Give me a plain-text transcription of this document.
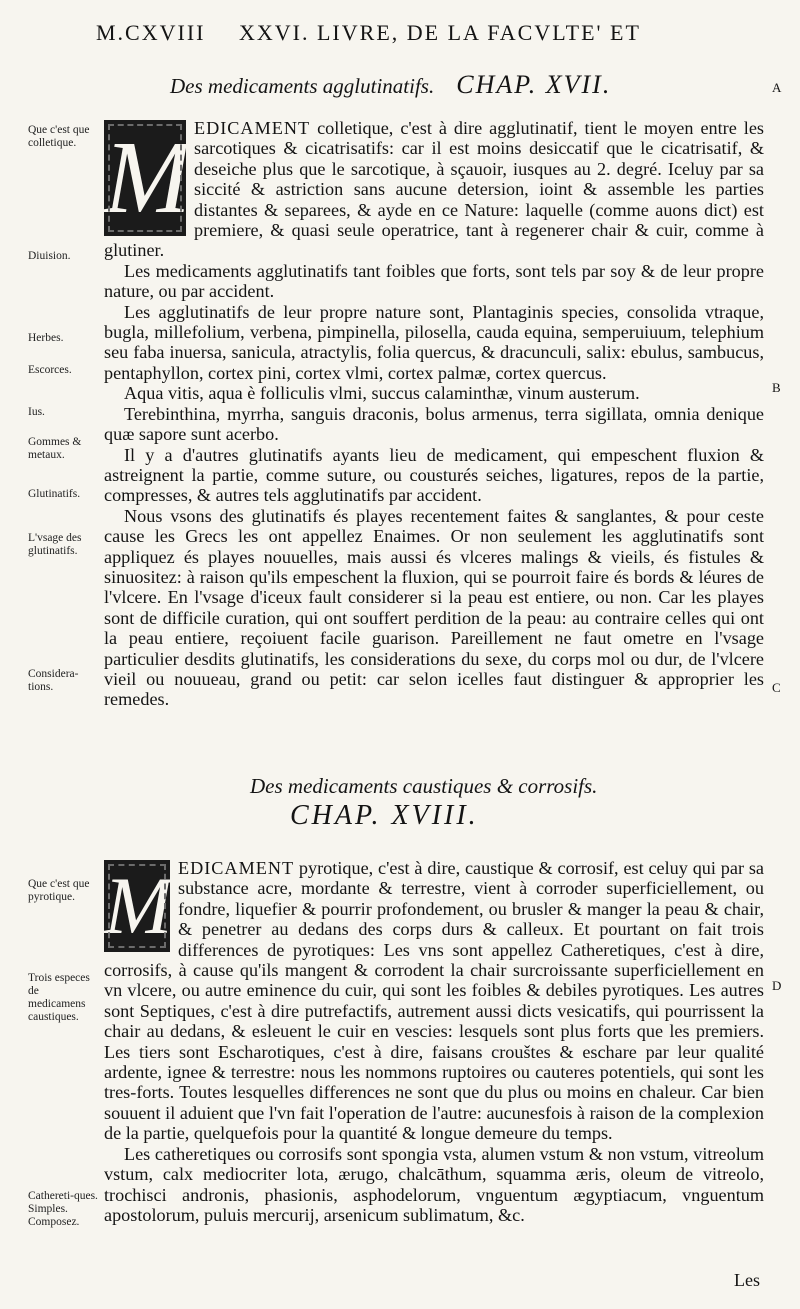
M.CXVIII XXVI. LIVRE, DE LA FACVLTE' ET
Des medicaments agglutinatifs. CHAP. XVII.	A
B
C
D
Que c'est que colletique.
Diuision.
Herbes.
Escorces.
Ius.
Gommes & metaux.
Glutinatifs.
L'vsage des glutinatifs.
Considera-tions.
Que c'est que pyrotique.
Trois especes de medicamens caustiques.
Cathereti-ques. Simples. Composez.

M EDICAMENT colletique, c'est à dire agglutinatif, tient le moyen entre les sarcotiques & cicatrisatifs: car il est moins desiccatif que le cicatrisatif, & deseiche plus que le sarcotique, à sçauoir, iusques au 2. degré. Iceluy par sa siccité & astriction sans aucune detersion, ioint & assemble les parties distantes & separees, & ayde en ce Nature: laquelle (comme auons dict) est premiere, & quasi seule operatrice, tant à regenerer chair & cuir, comme à glutiner.

Les medicaments agglutinatifs tant foibles que forts, sont tels par soy & de leur propre nature, ou par accident.

Les agglutinatifs de leur propre nature sont, Plantaginis species, consolida vtraque, bugla, millefolium, verbena, pimpinella, pilosella, cauda equina, semperuiuum, telephium seu faba inuersa, sanicula, atractylis, folia quercus, & dracunculi, salix: ebulus, sambucus, pentaphyllon, cortex pini, cortex vlmi, cortex palmæ, cortex quercus.

Aqua vitis, aqua è folliculis vlmi, succus calaminthæ, vinum austerum.

Terebinthina, myrrha, sanguis draconis, bolus armenus, terra sigillata, omnia denique quæ sapore sunt acerbo.

Il y a d'autres glutinatifs ayants lieu de medicament, qui empeschent fluxion & astreignent la partie, comme suture, ou cousturés seiches, ligatures, repos de la partie, compresses, & autres tels agglutinatifs par accident.

Nous vsons des glutinatifs és playes recentement faites & sanglantes, & pour ceste cause les Grecs les ont appellez Enaimes. Or non seulement les agglutinatifs sont appliquez és playes nouuelles, mais aussi és vlceres malings & vieils, és fistules & sinuositez: à raison qu'ils empeschent la fluxion, qui se pourroit faire és bords & léures de l'vlcere. En l'vsage d'iceux fault considerer si la peau est entiere, ou non. Car les playes sont de difficile curation, qui ont souffert perdition de la peau: au contraire celles qui ont la peau entiere, reçoiuent facile guarison. Pareillement ne faut ometre en l'vsage particulier desdits glutinatifs, les considerations du sexe, du corps mol ou dur, de l'vlcere vieil ou nouueau, grand ou petit: car selon icelles faut distinguer & approprier les remedes.

Des medicaments caustiques & corrosifs.
CHAP. XVIII.

M EDICAMENT pyrotique, c'est à dire, caustique & corrosif, est celuy qui par sa substance acre, mordante & terrestre, vient à corroder superficiellement, ou fondre, liquefier & pourrir profondement, ou brusler & manger la peau & chair, & penetrer au dedans des corps durs & calleux. Et pourtant on fait trois differences de pyrotiques: Les vns sont appellez Catheretiques, c'est à dire, corrosifs, à cause qu'ils mangent & corrodent la chair surcroissante superficiellement en vn vlcere, ou autre eminence du cuir, qui sont les foibles & debiles pyrotiques. Les autres sont Septiques, c'est à dire putrefactifs, autrement aussi dicts vesicatifs, qui pourrissent la chair au dedans, & esleuent le cuir en vescies: lesquels sont plus forts que les premiers. Les tiers sont Escharotiques, c'est à dire, faisans crouštes & eschare par leur qualité ardente, ignee & terrestre: nous les nommons ruptoires ou cauteres potentiels, qui sont les tres-forts. Toutes lesquelles differences ne sont que du plus ou moins en chaleur. Car bien souuent il aduient que l'vn fait l'operation de l'autre: aucunesfois à raison de la complexion de la partie, quelquefois pour la quantité & longue demeure du temps.

Les catheretiques ou corrosifs sont spongia vsta, alumen vstum & non vstum, vitreolum vstum, calx mediocriter lota, ærugo, chalcāthum, squamma æris, oleum de vitreolo, trochisci andronis, phasionis, asphodelorum, vnguentum ægyptiacum, vnguentum apostolorum, puluis mercurij, arsenicum sublimatum, &c.

Les
